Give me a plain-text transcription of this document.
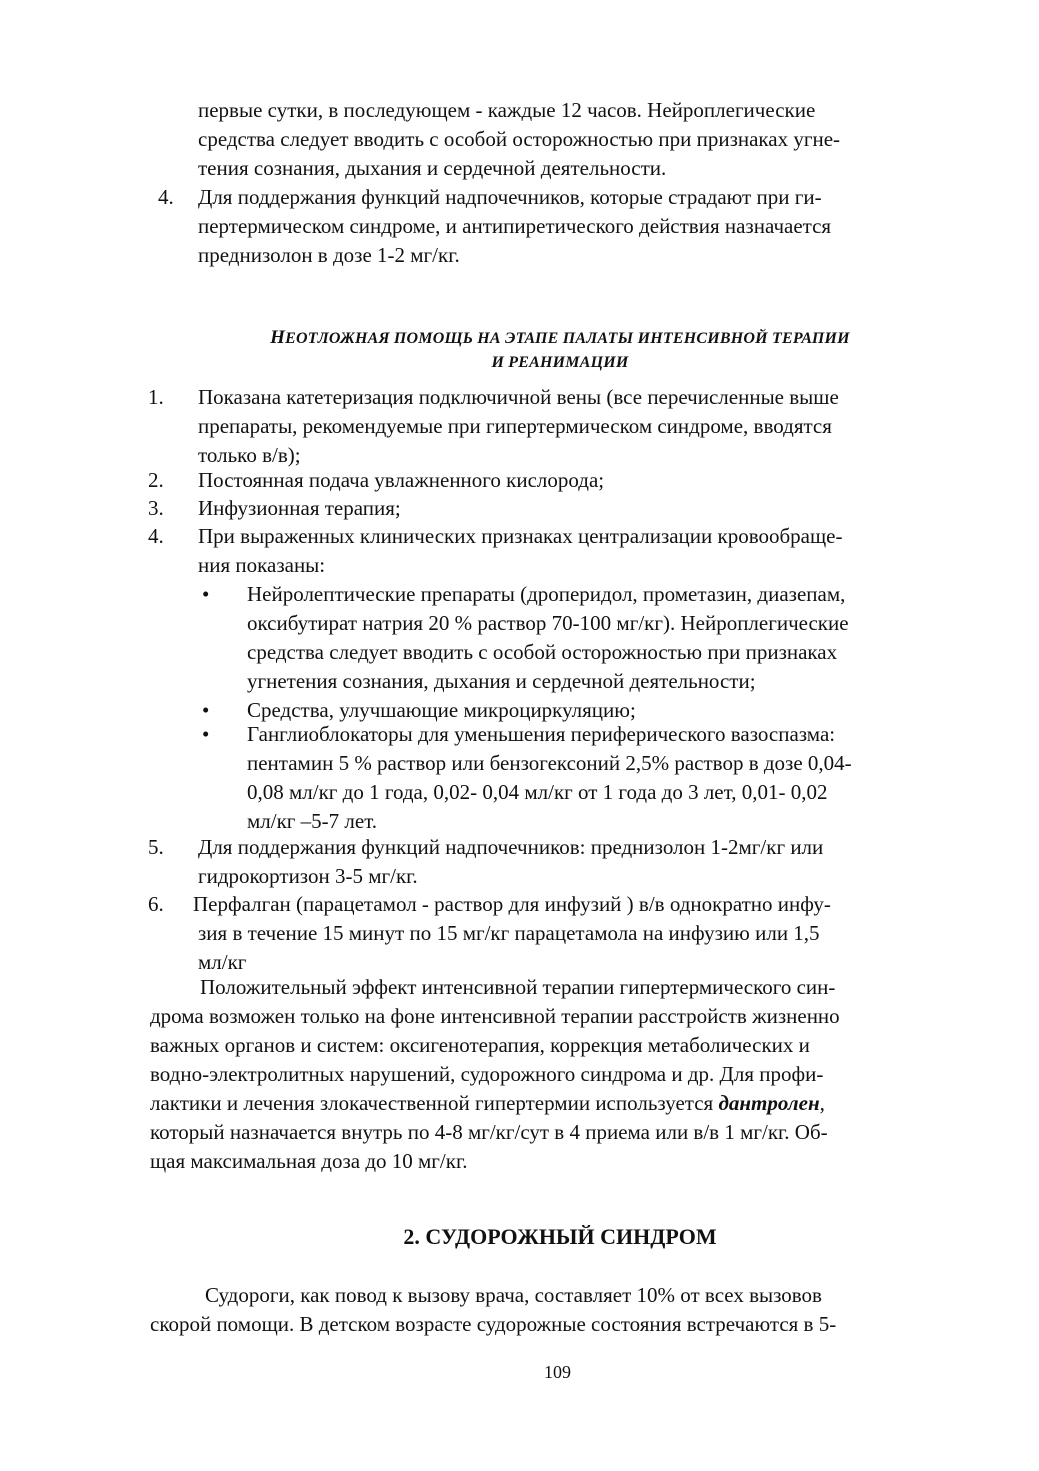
первые сутки, в последующем - каждые 12 часов. Нейроплегические
средства следует вводить с особой осторожностью при признаках угне-
тения сознания, дыхания и сердечной деятельности.
4. Для поддержания функций надпочечников, которые страдают при ги-
пертермическом синдроме, и антипиретического действия назначается
преднизолон в дозе 1-2 мг/кг.
НЕОТЛОЖНАЯ ПОМОЩЬ НА ЭТАПЕ ПАЛАТЫ ИНТЕНСИВНОЙ ТЕРАПИИ
И РЕАНИМАЦИИ
1. Показана катетеризация подключичной вены (все перечисленные выше
препараты, рекомендуемые при гипертермическом синдроме, вводятся
только в/в);
2. Постоянная подача увлажненного кислорода;
3. Инфузионная терапия;
4. При выраженных клинических признаках централизации кровообраще-
ния показаны:
• Нейролептические препараты (дроперидол, прометазин, диазепам,
оксибутират натрия 20 % раствор 70-100 мг/кг). Нейроплегические
средства следует вводить с особой осторожностью при признаках
угнетения сознания, дыхания и сердечной деятельности;
• Средства, улучшающие микроциркуляцию;
• Ганглиоблокаторы для уменьшения периферического вазоспазма:
пентамин 5 % раствор или бензогексоний 2,5% раствор в дозе 0,04-
0,08 мл/кг до 1 года, 0,02- 0,04 мл/кг от 1 года до 3 лет, 0,01- 0,02
мл/кг –5-7 лет.
5. Для поддержания функций надпочечников: преднизолон 1-2мг/кг или
гидрокортизон 3-5 мг/кг.
6. Перфалган (парацетамол - раствор для инфузий ) в/в однократно инфу-
зия в течение 15 минут по 15 мг/кг парацетамола на инфузию или 1,5
мл/кг
Положительный эффект интенсивной терапии гипертермического син-
дрома возможен только на фоне интенсивной терапии расстройств жизненно
важных органов и систем: оксигенотерапия, коррекция метаболических и
водно-электролитных нарушений, судорожного синдрома и др. Для профи-
лактики и лечения злокачественной гипертермии используется дантролен,
который назначается внутрь по 4-8 мг/кг/сут в 4 приема или в/в 1 мг/кг. Об-
щая максимальная доза до 10 мг/кг.
2. СУДОРОЖНЫЙ СИНДРОМ
Судороги, как повод к вызову врача, составляет 10% от всех вызовов
скорой помощи. В детском возрасте судорожные состояния встречаются в 5-
109
